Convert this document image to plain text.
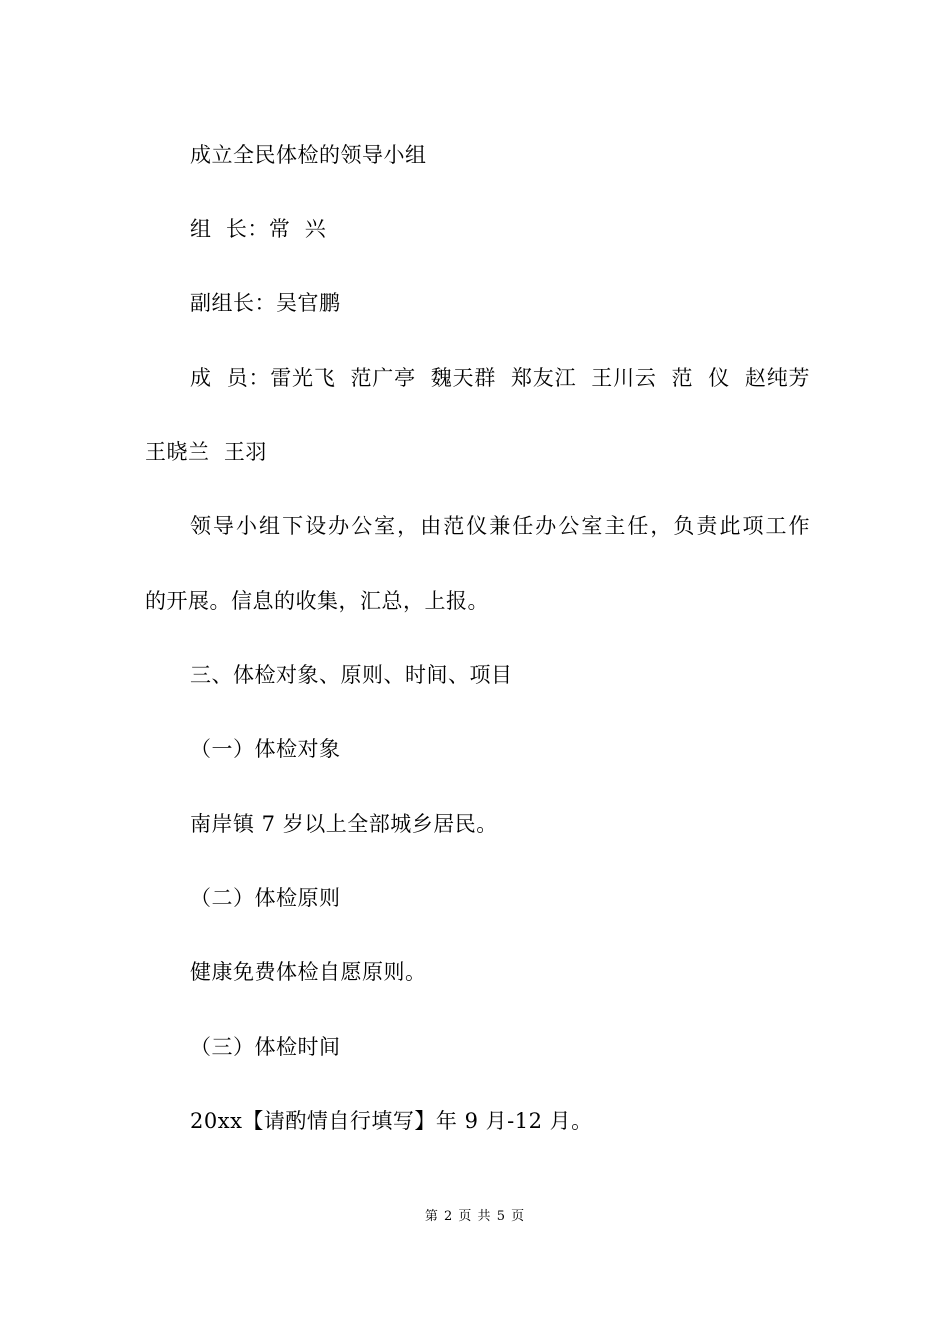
成立全民体检的领导小组
组  长：常  兴
副组长：吴官鹏
成  员：雷光飞  范广亭  魏天群  郑友江  王川云  范  仪  赵纯芳
王晓兰  王羽
领导小组下设办公室，由范仪兼任办公室主任，负责此项工作
的开展。信息的收集，汇总，上报。
三、体检对象、原则、时间、项目
（一）体检对象
南岸镇 7 岁以上全部城乡居民。
（二）体检原则
健康免费体检自愿原则。
（三）体检时间
20xx【请酌情自行填写】年 9 月-12 月。
第 2 页 共 5 页
